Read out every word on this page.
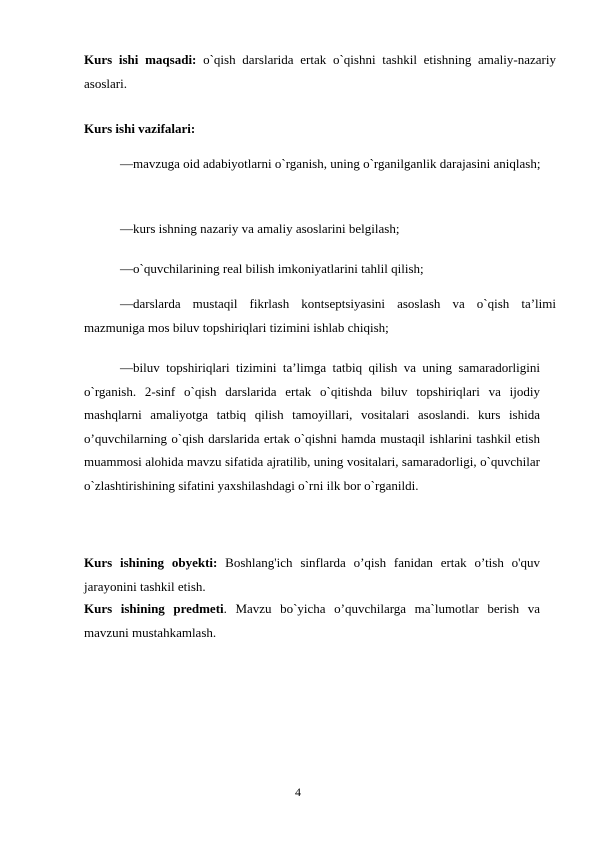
Kurs ishi maqsadi: o`qish darslarida ertak o`qishni tashkil etishning amaliy-nazariy asoslari.
Kurs ishi vazifalari:
—mavzuga oid adabiyotlarni o`rganish, uning o`rganilganlik darajasini aniqlash;
—kurs ishning nazariy va amaliy asoslarini belgilash;
—o`quvchilarining real bilish imkoniyatlarini tahlil qilish;
—darslarda mustaqil fikrlash kontseptsiyasini asoslash va o`qish ta’limi mazmuniga mos biluv topshiriqlari tizimini ishlab chiqish;
—biluv topshiriqlari tizimini ta’limga tatbiq qilish va uning samaradorligini o`rganish. 2-sinf o`qish darslarida ertak o`qitishda biluv topshiriqlari va ijodiy mashqlarni amaliyotga tatbiq qilish tamoyillari, vositalari asoslandi. kurs ishida o’quvchilarning o`qish darslarida ertak o`qishni hamda mustaqil ishlarini tashkil etish muammosi alohida mavzu sifatida ajratilib, uning vositalari, samaradorligi, o`quvchilar o`zlashtirishining sifatini yaxshilashdagi o`rni ilk bor o`rganildi.
Kurs ishining obyekti: Boshlang'ich sinflarda o’qish fanidan ertak o’tish o'quv jarayonini tashkil etish.
Kurs ishining predmeti. Mavzu bo`yicha o’quvchilarga ma`lumotlar berish va mavzuni mustahkamlash.
4
